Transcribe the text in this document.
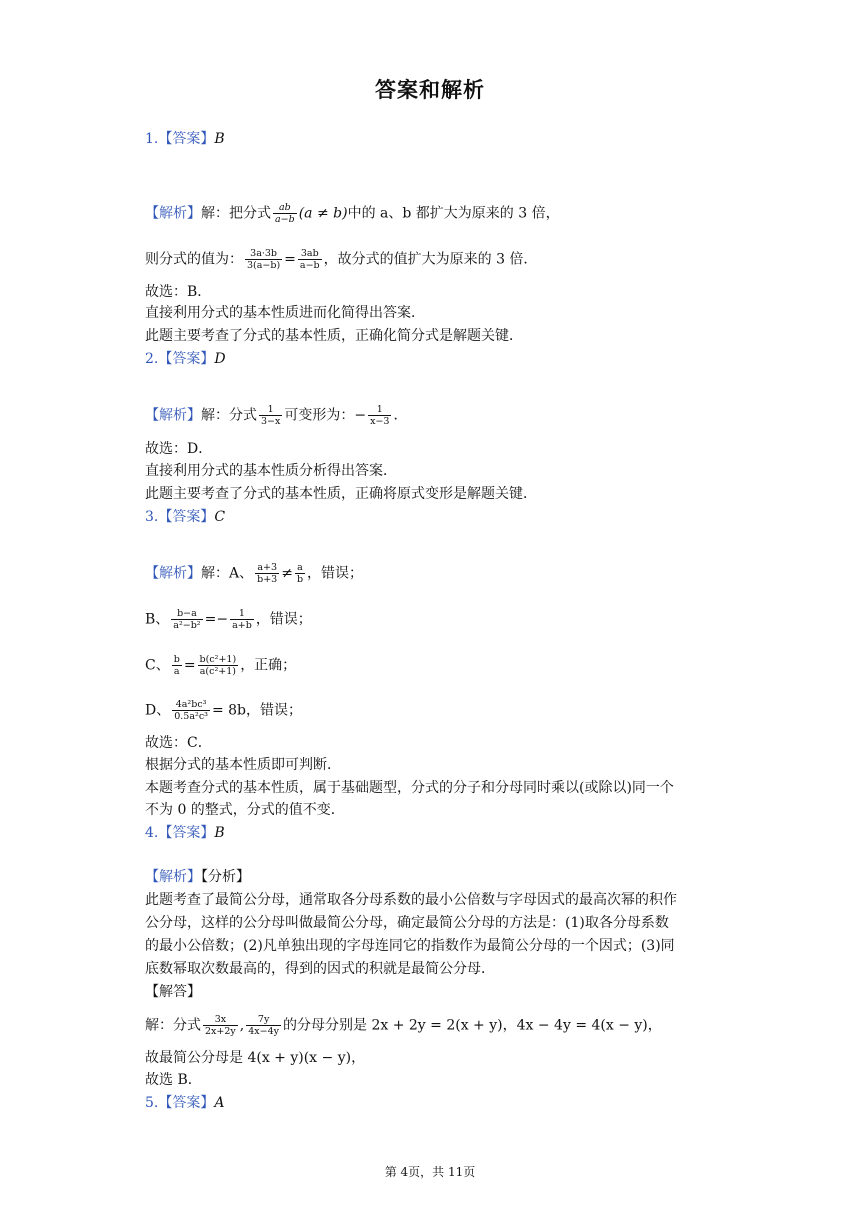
答案和解析
1.【答案】B
【解析】解：把分式 $\frac{ab}{a-b} (a \ne b)$中的 a、b 都扩大为原来的 3 倍，
则分式的值为： $\frac{3a\cdot 3b}{3(a-b)} = \frac{3ab}{a-b}$ ，故分式的值扩大为原来的 3 倍．
故选：B．
直接利用分式的基本性质进而化简得出答案．
此题主要考查了分式的基本性质，正确化简分式是解题关键．
2.【答案】D
【解析】解：分式 $\frac{1}{3-x}$ 可变形为：− $\frac{1}{x-3}$ ．
故选：D．
直接利用分式的基本性质分析得出答案．
此题主要考查了分式的基本性质，正确将原式变形是解题关键．
3.【答案】C
【解析】解：A、 $\frac{a+3}{b+3} \ne \frac{a}{b}$ ，错误；
B、 $\frac{b-a}{\text{a²−b²}} =- \frac{1}{a+b}$ ，错误；
C、 $\frac{b}{a} = \frac{\text{b(c²+1)}}{\text{a(c²+1)}}$ ，正确；
D、 $\frac{\text{4a²bc³}}{\text{0.5a²c³}} = 8b$，错误；
故选：C．
根据分式的基本性质即可判断．
本题考查分式的基本性质，属于基础题型，分式的分子和分母同时乘以(或除以)同一个
不为 0 的整式，分式的值不变．
4.【答案】B
【解析】【分析】
此题考查了最简公分母，通常取各分母系数的最小公倍数与字母因式的最高次幂的积作
公分母，这样的公分母叫做最简公分母，确定最简公分母的方法是：(1)取各分母系数
的最小公倍数；(2)凡单独出现的字母连同它的指数作为最简公分母的一个因式；(3)同
底数幂取次数最高的，得到的因式的积就是最简公分母．
【解答】
解：分式 $\frac{3x}{2x+2y}$ , $\frac{7y}{4x-4y}$ 的分母分别是 2x + 2y = 2(x + y)，4x − 4y = 4(x − y)，
故最简公分母是 4(x + y)(x − y)，
故选 B．
5.【答案】A
第 4页，共 11页
